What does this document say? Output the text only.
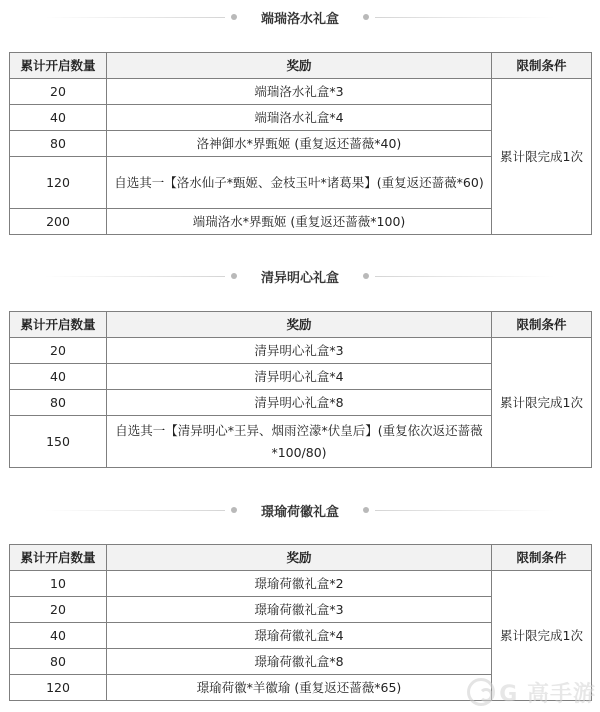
端瑞洛水礼盒
累计开启数量	奖励	限制条件
20	端瑞洛水礼盒*3	累计限完成1次
40	端瑞洛水礼盒*4	
80	洛神御水*界甄姬 (重复返还蔷薇*40)	
120	自选其一【洛水仙子*甄姬、金枝玉叶*诸葛果】(重复返还蔷薇*60)	
200	端瑞洛水*界甄姬 (重复返还蔷薇*100)	
清异明心礼盒
累计开启数量	奖励	限制条件
20	清异明心礼盒*3	累计限完成1次
40	清异明心礼盒*4	
80	清异明心礼盒*8	
150	自选其一【清异明心*王异、烟雨涳濛*伏皇后】(重复依次返还蔷薇*100/80)	
璟瑜荷徽礼盒
累计开启数量	奖励	限制条件
10	璟瑜荷徽礼盒*2	累计限完成1次
20	璟瑜荷徽礼盒*3	
40	璟瑜荷徽礼盒*4	
80	璟瑜荷徽礼盒*8	
120	璟瑜荷徽*羊徽瑜 (重复返还蔷薇*65)		G 高手游
